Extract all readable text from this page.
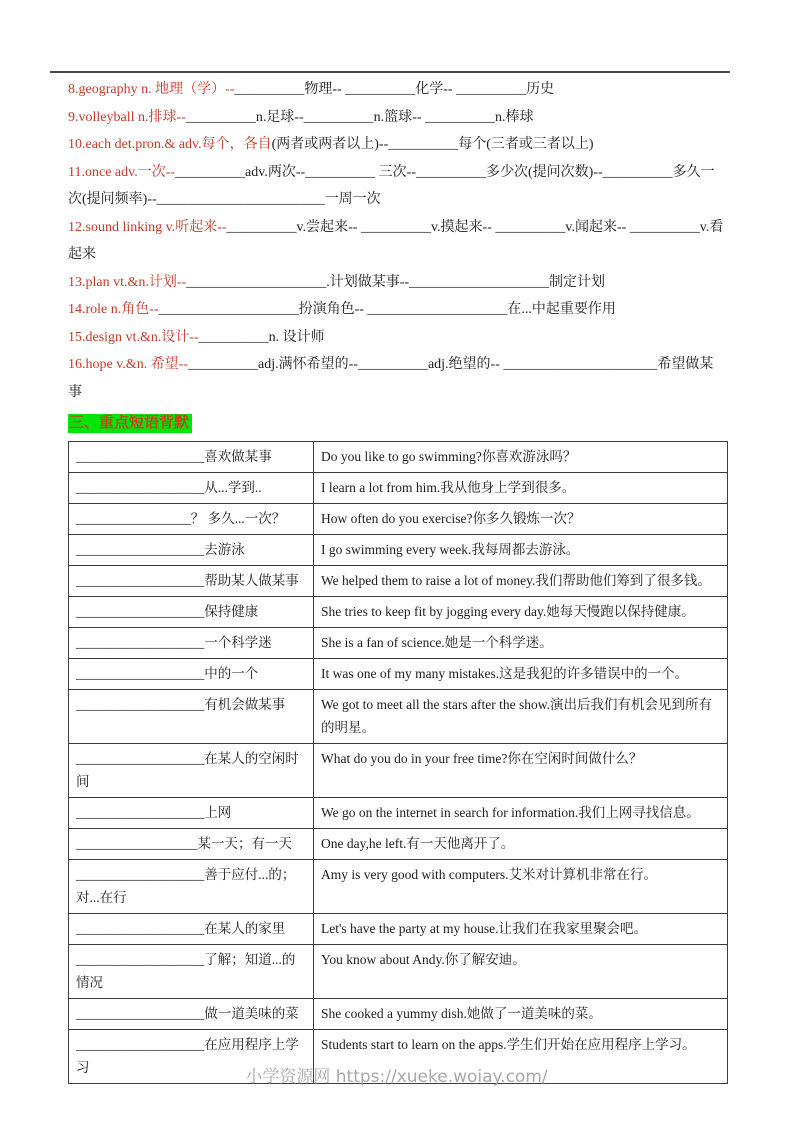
8.geography n. 地理（学）--__________物理-- __________化学-- __________历史

9.volleyball n.排球--__________n.足球--__________n.篮球-- __________n.棒球

10.each det.pron.& adv.每个，各自(两者或两者以上)--__________每个(三者或三者以上)

11.once adv.一次--__________adv.两次--__________ 三次--__________多少次(提问次数)--__________多久一次(提问频率)--________________________一周一次

12.sound linking v.听起来--__________v.尝起来-- __________v.摸起来-- __________v.闻起来-- __________v.看起来

13.plan vt.&n.计划--____________________.计划做某事--____________________制定计划

14.role n.角色--____________________扮演角色-- ____________________在...中起重要作用

15.design vt.&n.设计--__________n. 设计师

16.hope v.&n. 希望--__________adj.满怀希望的--__________adj.绝望的-- ______________________希望做某事

三、重点短语背默
___________________喜欢做某事	Do you like to go swimming?你喜欢游泳吗？
___________________从...学到..	I learn a lot from him.我从他身上学到很多。
_________________？ 多久...一次？	How often do you exercise?你多久锻炼一次？
___________________去游泳	I go swimming every week.我每周都去游泳。
___________________帮助某人做某事	We helped them to raise a lot of money.我们帮助他们筹到了很多钱。
___________________保持健康	She tries to keep fit by jogging every day.她每天慢跑以保持健康。
___________________一个科学迷	She is a fan of science.她是一个科学迷。
___________________中的一个	It was one of my many mistakes.这是我犯的许多错误中的一个。
___________________有机会做某事	We got to meet all the stars after the show.演出后我们有机会见到所有的明星。
___________________在某人的空闲时间	What do you do in your free time?你在空闲时间做什么？
___________________上网	We go on the internet in search for information.我们上网寻找信息。
__________________某一天；有一天	One day,he left.有一天他离开了。
___________________善于应付...的；对...在行	Amy is very good with computers.艾米对计算机非常在行。
___________________在某人的家里	Let's have the party at my house.让我们在我家里聚会吧。
___________________了解；知道...的情况	You know about Andy.你了解安迪。
___________________做一道美味的菜	She cooked a yummy dish.她做了一道美味的菜。
___________________在应用程序上学习	Students start to learn on the apps.学生们开始在应用程序上学习。
小学资源网 https://xueke.woiay.com/
